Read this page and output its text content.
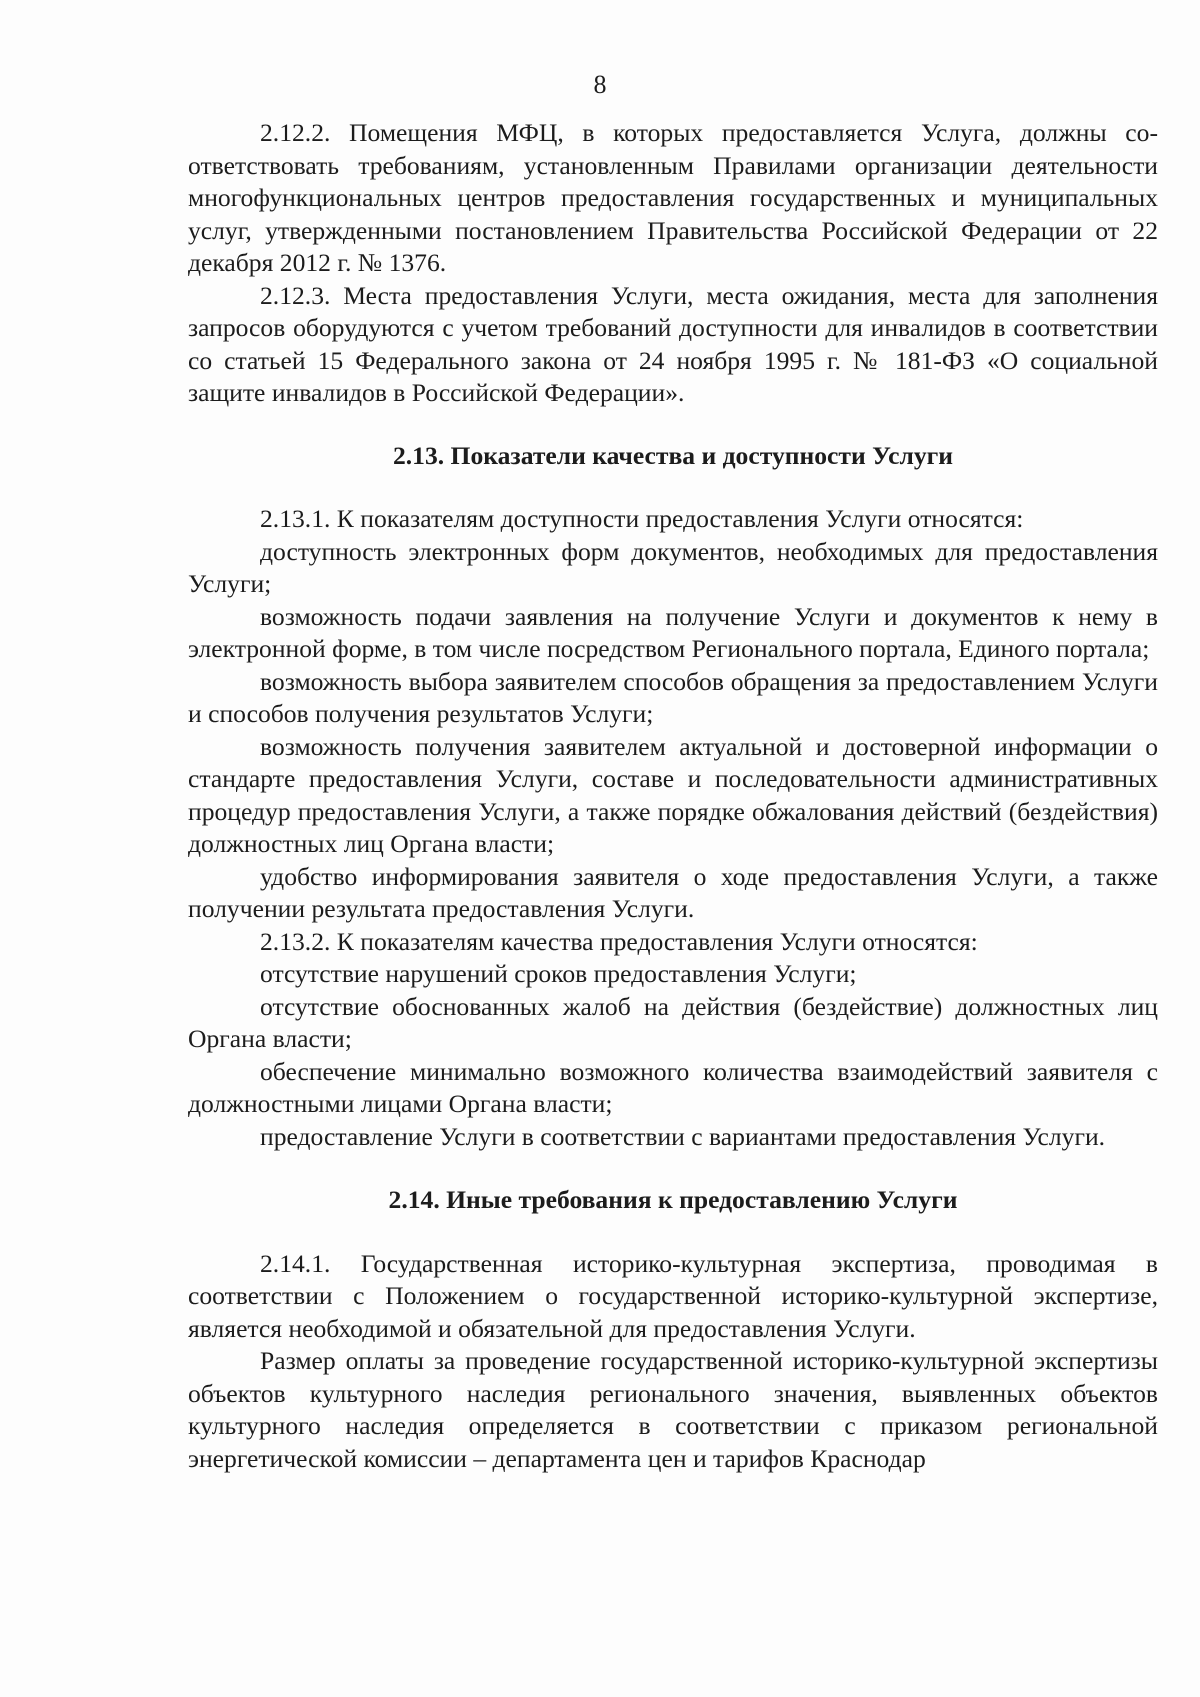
8

2.12.2. Помещения МФЦ, в которых предоставляется Услуга, должны соответствовать требованиям, установленным Правилами организации деятельности многофункциональных центров предоставления государственных и муниципальных услуг, утвержденными постановлением Правительства Российской Федерации от 22 декабря 2012 г. № 1376.

2.12.3. Места предоставления Услуги, места ожидания, места для заполнения запросов оборудуются с учетом требований доступности для инвалидов в соответствии со статьей 15 Федерального закона от 24 ноября 1995 г. № 181-ФЗ «О социальной защите инвалидов в Российской Федерации».

2.13. Показатели качества и доступности Услуги

2.13.1. К показателям доступности предоставления Услуги относятся:

доступность электронных форм документов, необходимых для предоставления Услуги;

возможность подачи заявления на получение Услуги и документов к нему в электронной форме, в том числе посредством Регионального портала, Единого портала;

возможность выбора заявителем способов обращения за предоставлением Услуги и способов получения результатов Услуги;

возможность получения заявителем актуальной и достоверной информации о стандарте предоставления Услуги, составе и последовательности административных процедур предоставления Услуги, а также порядке обжалования действий (бездействия) должностных лиц Органа власти;

удобство информирования заявителя о ходе предоставления Услуги, а также получении результата предоставления Услуги.

2.13.2. К показателям качества предоставления Услуги относятся:

отсутствие нарушений сроков предоставления Услуги;

отсутствие обоснованных жалоб на действия (бездействие) должностных лиц Органа власти;

обеспечение минимально возможного количества взаимодействий заявителя с должностными лицами Органа власти;

предоставление Услуги в соответствии с вариантами предоставления Услуги.

2.14. Иные требования к предоставлению Услуги

2.14.1. Государственная историко-культурная экспертиза, проводимая в соответствии с Положением о государственной историко-культурной экспертизе, является необходимой и обязательной для предоставления Услуги.

Размер оплаты за проведение государственной историко-культурной экспертизы объектов культурного наследия регионального значения, выявленных объектов культурного наследия определяется в соответствии с приказом региональной энергетической комиссии – департамента цен и тарифов Краснодар
